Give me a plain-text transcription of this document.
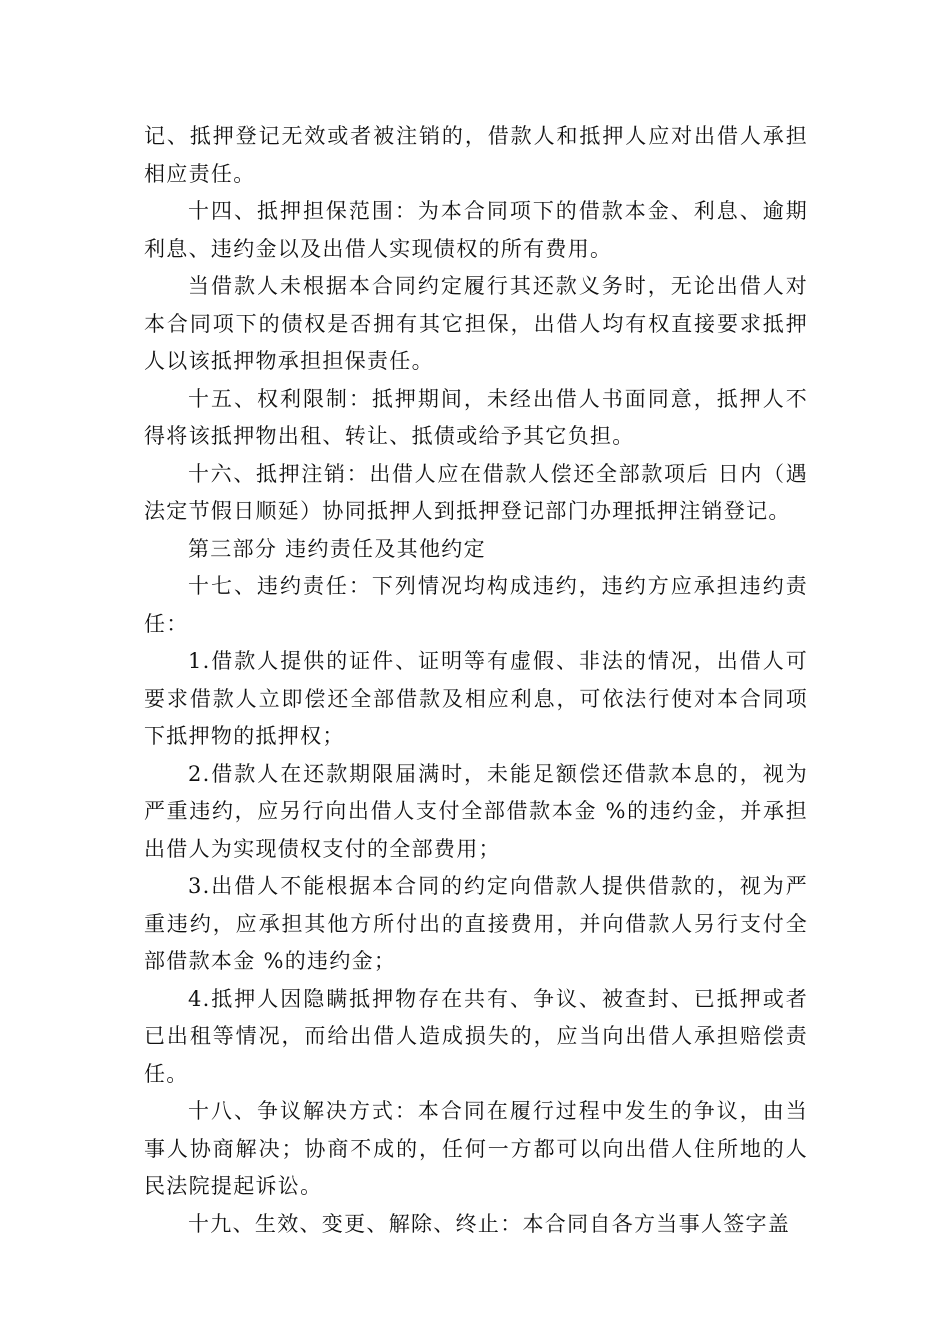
记、抵押登记无效或者被注销的，借款人和抵押人应对出借人承担相应责任。

十四、抵押担保范围：为本合同项下的借款本金、利息、逾期利息、违约金以及出借人实现债权的所有费用。

当借款人未根据本合同约定履行其还款义务时，无论出借人对本合同项下的债权是否拥有其它担保，出借人均有权直接要求抵押人以该抵押物承担担保责任。

十五、权利限制：抵押期间，未经出借人书面同意，抵押人不得将该抵押物出租、转让、抵债或给予其它负担。

十六、抵押注销：出借人应在借款人偿还全部款项后 日内（遇法定节假日顺延）协同抵押人到抵押登记部门办理抵押注销登记。

第三部分 违约责任及其他约定

十七、违约责任：下列情况均构成违约，违约方应承担违约责任：

1.借款人提供的证件、证明等有虚假、非法的情况，出借人可要求借款人立即偿还全部借款及相应利息，可依法行使对本合同项下抵押物的抵押权；

2.借款人在还款期限届满时，未能足额偿还借款本息的，视为严重违约，应另行向出借人支付全部借款本金 %的违约金，并承担出借人为实现债权支付的全部费用；

3.出借人不能根据本合同的约定向借款人提供借款的，视为严重违约，应承担其他方所付出的直接费用，并向借款人另行支付全部借款本金 %的违约金；

4.抵押人因隐瞒抵押物存在共有、争议、被查封、已抵押或者已出租等情况，而给出借人造成损失的，应当向出借人承担赔偿责任。

十八、争议解决方式：本合同在履行过程中发生的争议，由当事人协商解决；协商不成的，任何一方都可以向出借人住所地的人民法院提起诉讼。

十九、生效、变更、解除、终止：本合同自各方当事人签字盖
